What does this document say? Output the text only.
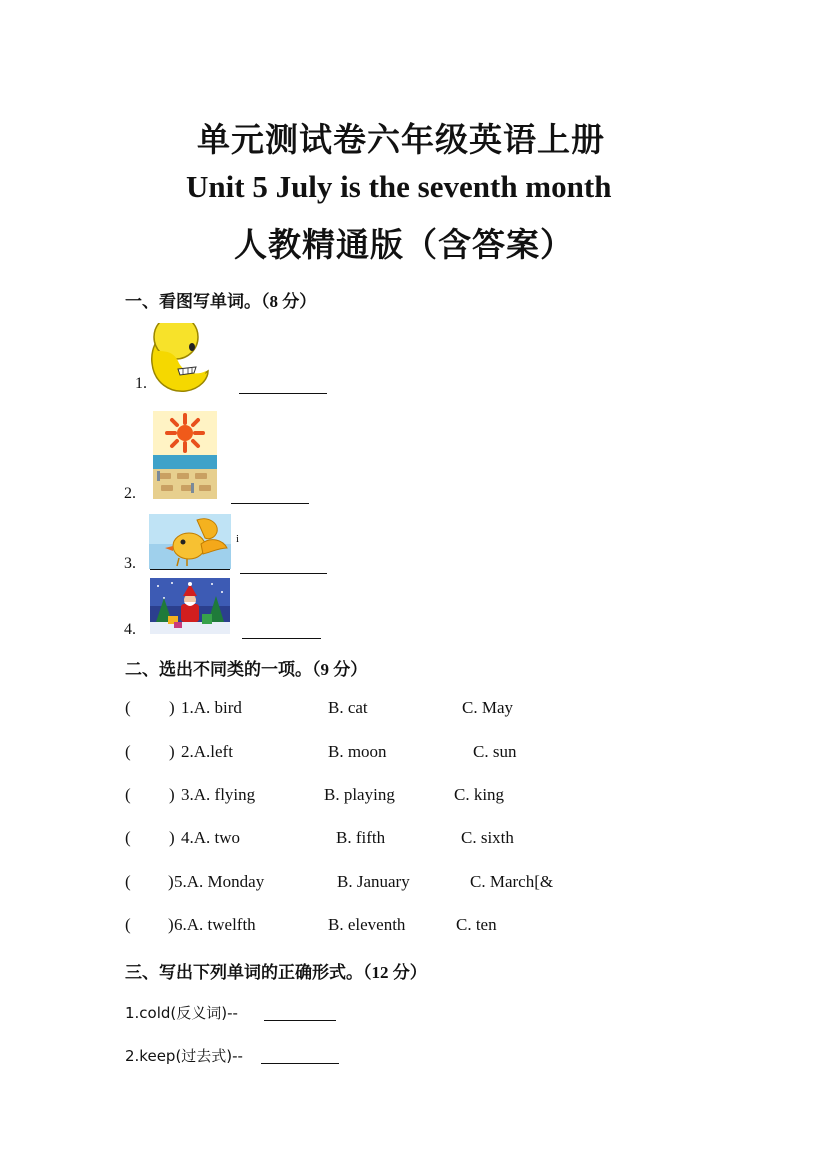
单元测试卷六年级英语上册
Unit 5 July is the seventh month
人教精通版（含答案）
一、看图写单词。（8 分）
1.
2.
3.
i
4.
二、选出不同类的一项。（9 分）
( ) 1.A. bird	B. cat	C. May
( ) 2.A.left	B. moon	C. sun
( ) 3.A. flying	B. playing	C. king
( ) 4.A. two	B. fifth	C. sixth
( ) 5.A. Monday	B. January	C. March[&
( ) 6.A. twelfth	B. eleventh	C. ten
三、写出下列单词的正确形式。（12 分）
1.cold(反义词)--
2.keep(过去式)--
